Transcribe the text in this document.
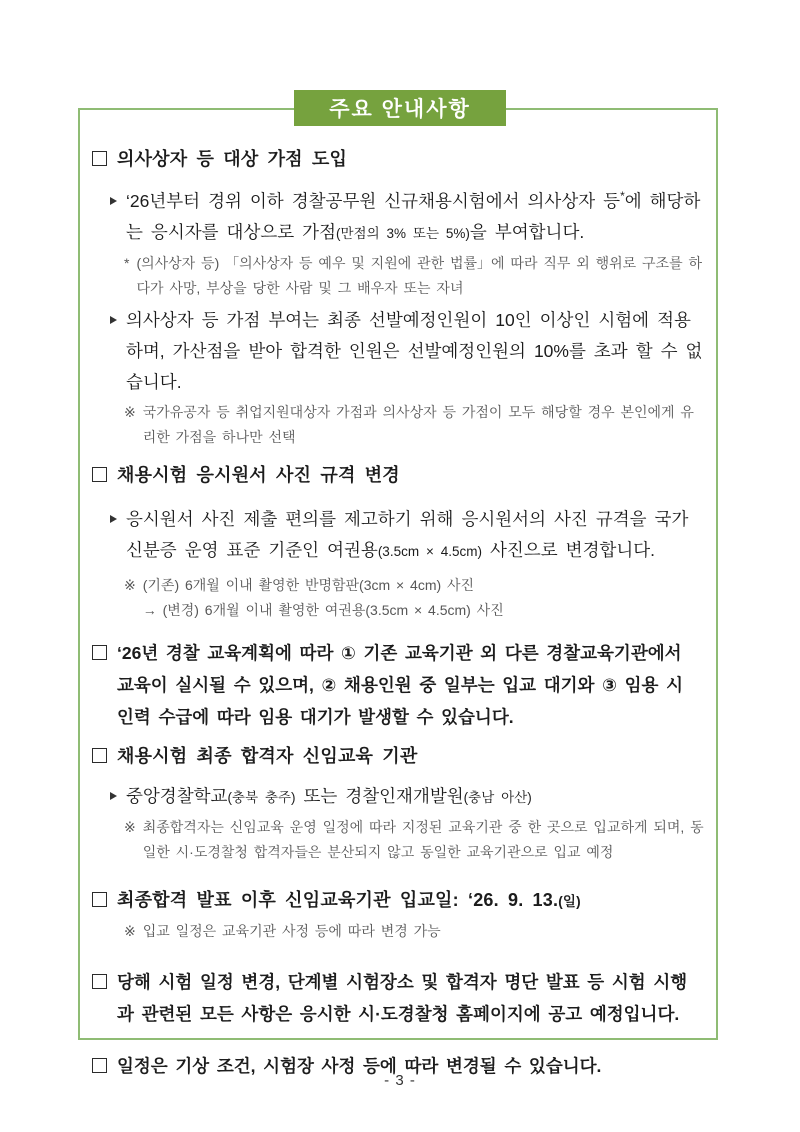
주요 안내사항
의사상자 등 대상 가점 도입
‘26년부터 경위 이하 경찰공무원 신규채용시험에서 의사상자 등*에 해당하는 응시자를 대상으로 가점(만점의 3% 또는 5%)을 부여합니다.
* (의사상자 등) 「의사상자 등 예우 및 지원에 관한 법률」에 따라 직무 외 행위로 구조를 하다가 사망, 부상을 당한 사람 및 그 배우자 또는 자녀
의사상자 등 가점 부여는 최종 선발예정인원이 10인 이상인 시험에 적용하며, 가산점을 받아 합격한 인원은 선발예정인원의 10%를 초과 할 수 없습니다.
※ 국가유공자 등 취업지원대상자 가점과 의사상자 등 가점이 모두 해당할 경우 본인에게 유리한 가점을 하나만 선택
채용시험 응시원서 사진 규격 변경
응시원서 사진 제출 편의를 제고하기 위해 응시원서의 사진 규격을 국가 신분증 운영 표준 기준인 여권용(3.5cm × 4.5cm) 사진으로 변경합니다.
※ (기존) 6개월 이내 촬영한 반명함판(3cm × 4cm) 사진
→ (변경) 6개월 이내 촬영한 여권용(3.5cm × 4.5cm) 사진
‘26년 경찰 교육계획에 따라 ① 기존 교육기관 외 다른 경찰교육기관에서 교육이 실시될 수 있으며, ② 채용인원 중 일부는 입교 대기와 ③ 임용 시 인력 수급에 따라 임용 대기가 발생할 수 있습니다.
채용시험 최종 합격자 신임교육 기관
중앙경찰학교(충북 충주) 또는 경찰인재개발원(충남 아산)
※ 최종합격자는 신임교육 운영 일정에 따라 지정된 교육기관 중 한 곳으로 입교하게 되며, 동일한 시·도경찰청 합격자들은 분산되지 않고 동일한 교육기관으로 입교 예정
최종합격 발표 이후 신임교육기관 입교일: ‘26. 9. 13.(일)
※ 입교 일정은 교육기관 사정 등에 따라 변경 가능
당해 시험 일정 변경, 단계별 시험장소 및 합격자 명단 발표 등 시험 시행과 관련된 모든 사항은 응시한 시·도경찰청 홈페이지에 공고 예정입니다.
일정은 기상 조건, 시험장 사정 등에 따라 변경될 수 있습니다.
- 3 -
